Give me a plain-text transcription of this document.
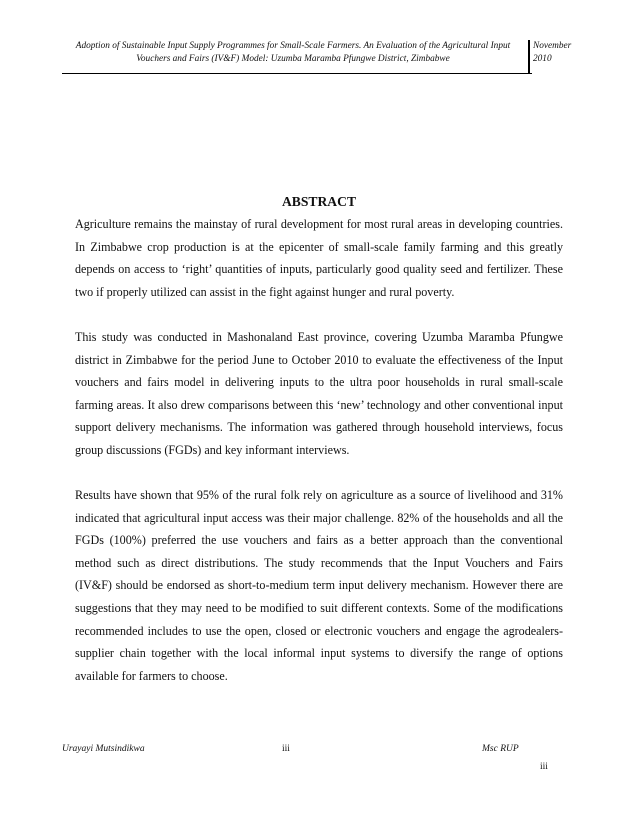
Adoption of Sustainable Input Supply Programmes for Small-Scale Farmers. An Evaluation of the Agricultural Input
Vouchers and Fairs (IV&F) Model: Uzumba Maramba Pfungwe District, Zimbabwe
November
2010
ABSTRACT

Agriculture remains the mainstay of rural development for most rural areas in developing countries. In Zimbabwe crop production is at the epicenter of small-scale family farming and this greatly depends on access to ‘right’ quantities of inputs, particularly good quality seed and fertilizer. These two if properly utilized can assist in the fight against hunger and rural poverty.

This study was conducted in Mashonaland East province, covering Uzumba Maramba Pfungwe district in Zimbabwe for the period June to October 2010 to evaluate the effectiveness of the Input vouchers and fairs model in delivering inputs to the ultra poor households in rural small-scale farming areas. It also drew comparisons between this ‘new’ technology and other conventional input support delivery mechanisms. The information was gathered through household interviews, focus group discussions (FGDs) and key informant interviews.

Results have shown that 95% of the rural folk rely on agriculture as a source of livelihood and 31% indicated that agricultural input access was their major challenge. 82% of the households and all the FGDs (100%) preferred the use vouchers and fairs as a better approach than the conventional method such as direct distributions. The study recommends that the Input Vouchers and Fairs (IV&F) should be endorsed as short-to-medium term input delivery mechanism. However there are suggestions that they may need to be modified to suit different contexts. Some of the modifications recommended includes to use the open, closed or electronic vouchers and engage the agrodealers-supplier chain together with the local informal input systems to diversify the range of options available for farmers to choose.

Urayayi Mutsindikwa	iii	Msc RUP
iii
